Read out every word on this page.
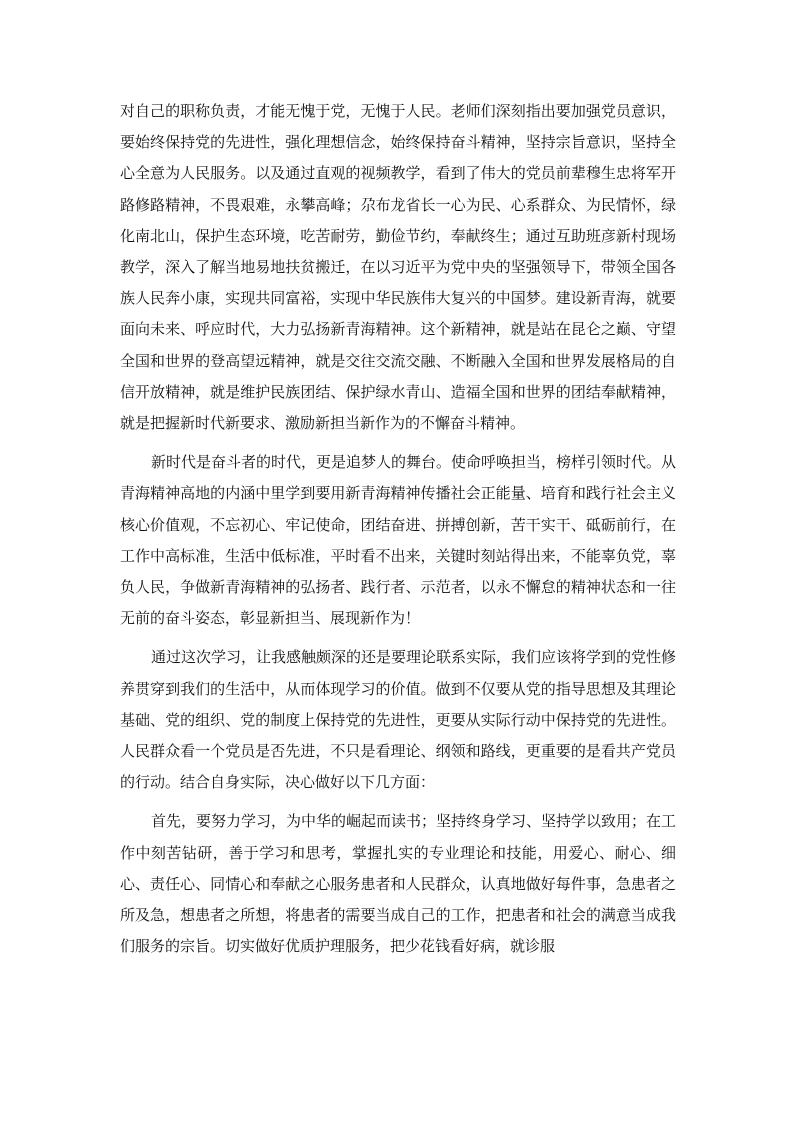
对自己的职称负责，才能无愧于党，无愧于人民。老师们深刻指出要加强党员意识，要始终保持党的先进性，强化理想信念，始终保持奋斗精神，坚持宗旨意识，坚持全心全意为人民服务。以及通过直观的视频教学，看到了伟大的党员前辈穆生忠将军开路修路精神，不畏艰难，永攀高峰；尕布龙省长一心为民、心系群众、为民情怀，绿化南北山，保护生态环境，吃苦耐劳，勤俭节约，奉献终生；通过互助班彦新村现场教学，深入了解当地易地扶贫搬迁，在以习近平为党中央的坚强领导下，带领全国各族人民奔小康，实现共同富裕，实现中华民族伟大复兴的中国梦。建设新青海，就要面向未来、呼应时代，大力弘扬新青海精神。这个新精神，就是站在昆仑之巅、守望全国和世界的登高望远精神，就是交往交流交融、不断融入全国和世界发展格局的自信开放精神，就是维护民族团结、保护绿水青山、造福全国和世界的团结奉献精神，就是把握新时代新要求、激励新担当新作为的不懈奋斗精神。

新时代是奋斗者的时代，更是追梦人的舞台。使命呼唤担当，榜样引领时代。从青海精神高地的内涵中里学到要用新青海精神传播社会正能量、培育和践行社会主义核心价值观，不忘初心、牢记使命，团结奋进、拼搏创新，苦干实干、砥砺前行，在工作中高标准，生活中低标准，平时看不出来，关键时刻站得出来，不能辜负党，辜负人民，争做新青海精神的弘扬者、践行者、示范者，以永不懈怠的精神状态和一往无前的奋斗姿态，彰显新担当、展现新作为！

通过这次学习，让我感触颇深的还是要理论联系实际，我们应该将学到的党性修养贯穿到我们的生活中，从而体现学习的价值。做到不仅要从党的指导思想及其理论基础、党的组织、党的制度上保持党的先进性，更要从实际行动中保持党的先进性。人民群众看一个党员是否先进，不只是看理论、纲领和路线，更重要的是看共产党员的行动。结合自身实际，决心做好以下几方面：

首先，要努力学习，为中华的崛起而读书；坚持终身学习、坚持学以致用；在工作中刻苦钻研，善于学习和思考，掌握扎实的专业理论和技能，用爱心、耐心、细心、责任心、同情心和奉献之心服务患者和人民群众，认真地做好每件事，急患者之所及急，想患者之所想，将患者的需要当成自己的工作，把患者和社会的满意当成我们服务的宗旨。切实做好优质护理服务，把少花钱看好病，就诊服
